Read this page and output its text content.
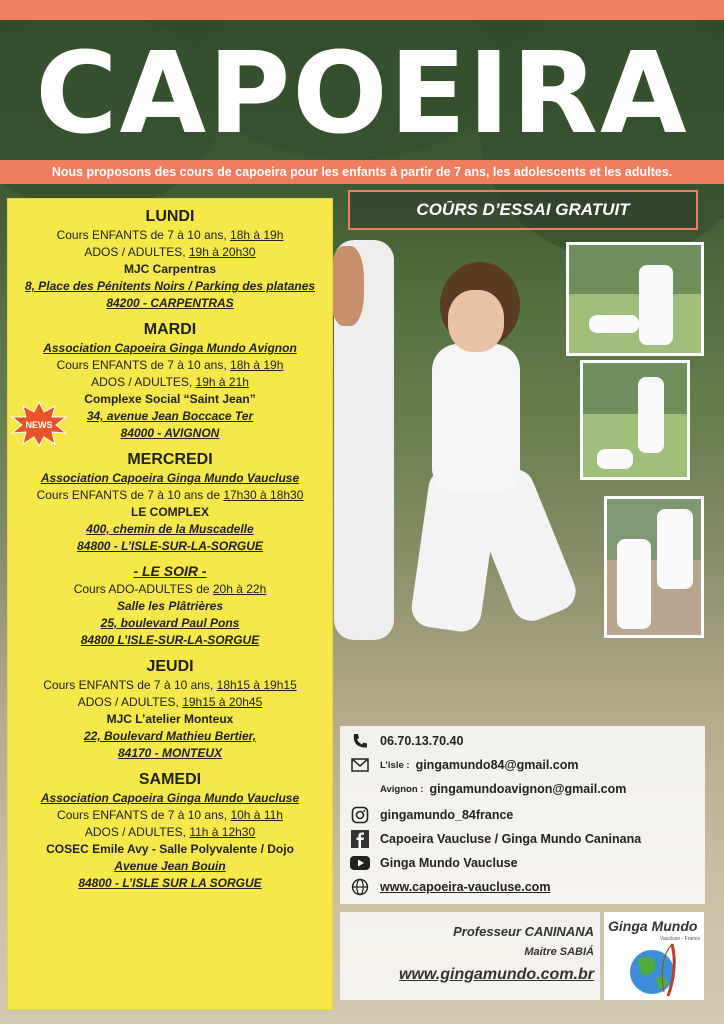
CAPOEIRA
Nous proposons des cours de capoeira pour les enfants à partir de 7 ans, les adolescents et les adultes.
COŪRS D’ESSAI GRATUIT
LUNDI
Cours ENFANTS de 7 à 10 ans, 18h à 19h
ADOS / ADULTES, 19h à 20h30
MJC Carpentras
8, Place des Pénitents Noirs / Parking des platanes
84200 - CARPENTRAS
MARDI
Association Capoeira Ginga Mundo Avignon
Cours ENFANTS de 7 à 10 ans, 18h à 19h
ADOS / ADULTES, 19h à 21h
Complexe Social “Saint Jean”
34, avenue Jean Boccace Ter
84000 - AVIGNON
MERCREDI
Association Capoeira Ginga Mundo Vaucluse
Cours ENFANTS de 7 à 10 ans de 17h30 à 18h30
LE COMPLEX
400, chemin de la Muscadelle
84800 - L’ISLE-SUR-LA-SORGUE
- LE SOIR -
Cours ADO-ADULTES de 20h à 22h
Salle les Plâtrières
25, boulevard Paul Pons
84800 L’ISLE-SUR-LA-SORGUE
JEUDI
Cours ENFANTS de 7 à 10 ans, 18h15 à 19h15
ADOS / ADULTES, 19h15 à 20h45
MJC L’atelier Monteux
22, Boulevard Mathieu Bertier,
84170 - MONTEUX
SAMEDI
Association Capoeira Ginga Mundo Vaucluse
Cours ENFANTS de 7 à 10 ans, 10h à 11h
ADOS / ADULTES, 11h à 12h30
COSEC Emile Avy - Salle Polyvalente / Dojo
Avenue Jean Bouin
84800 - L’ISLE SUR LA SORGUE
NEWS
06.70.13.70.40
L’isle : gingamundo84@gmail.com
Avignon : gingamundoavignon@gmail.com
gingamundo_84france
Capoeira Vaucluse / Ginga Mundo Caninana
Ginga Mundo Vaucluse
www.capoeira-vaucluse.com
Professeur CANINANA
Maitre SABIÁ
www.gingamundo.com.br
Ginga Mundo
Vaucluse - France
